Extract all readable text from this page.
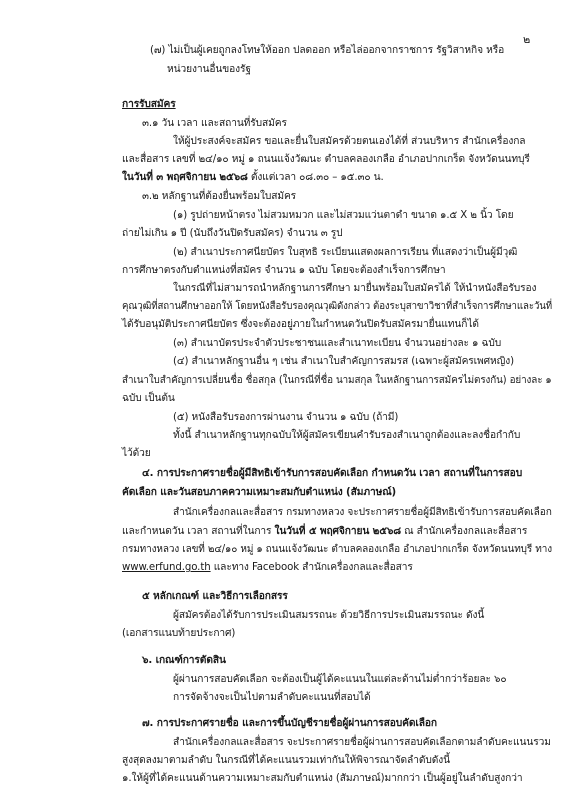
๒
(๗) ไม่เป็นผู้เคยถูกลงโทษให้ออก ปลดออก หรือไล่ออกจากราชการ รัฐวิสาหกิจ หรือ
หน่วยงานอื่นของรัฐ
การรับสมัคร
๓.๑ วัน เวลา และสถานที่รับสมัคร
ให้ผู้ประสงค์จะสมัคร ขอและยื่นใบสมัครด้วยตนเองได้ที่ ส่วนบริหาร สำนักเครื่องกล
และสื่อสาร เลขที่ ๒๔/๑๐ หมู่ ๑ ถนนแจ้งวัฒนะ ตำบลคลองเกลือ อำเภอปากเกร็ด จังหวัดนนทบุรี
ในวันที่ ๓ พฤศจิกายน ๒๕๖๘ ตั้งแต่เวลา ๐๘.๓๐ – ๑๕.๓๐ น.
๓.๒ หลักฐานที่ต้องยื่นพร้อมใบสมัคร
(๑) รูปถ่ายหน้าตรง ไม่สวมหมวก และไม่สวมแว่นตาดำ ขนาด ๑.๕ X ๒ นิ้ว โดย
ถ่ายไม่เกิน ๑ ปี (นับถึงวันปิดรับสมัคร) จำนวน ๓ รูป
(๒) สำเนาประกาศนียบัตร ใบสุทธิ ระเบียนแสดงผลการเรียน ที่แสดงว่าเป็นผู้มีวุฒิ
การศึกษาตรงกับตำแหน่งที่สมัคร จำนวน ๑ ฉบับ โดยจะต้องสำเร็จการศึกษา
ในกรณีที่ไม่สามารถนำหลักฐานการศึกษา มายื่นพร้อมใบสมัครได้ ให้นำหนังสือรับรอง
คุณวุฒิที่สถานศึกษาออกให้ โดยหนังสือรับรองคุณวุฒิดังกล่าว ต้องระบุสาขาวิชาที่สำเร็จการศึกษาและวันที่
ได้รับอนุมัติประกาศนียบัตร ซึ่งจะต้องอยู่ภายในกำหนดวันปิดรับสมัครมายื่นแทนก็ได้
(๓) สำเนาบัตรประจำตัวประชาชนและสำเนาทะเบียน จำนวนอย่างละ ๑ ฉบับ
(๔) สำเนาหลักฐานอื่น ๆ เช่น สำเนาใบสำคัญการสมรส (เฉพาะผู้สมัครเพศหญิง)
สำเนาใบสำคัญการเปลี่ยนชื่อ ชื่อสกุล (ในกรณีที่ชื่อ นามสกุล ในหลักฐานการสมัครไม่ตรงกัน) อย่างละ ๑
ฉบับ เป็นต้น
(๕) หนังสือรับรองการผ่านงาน จำนวน ๑ ฉบับ (ถ้ามี)
ทั้งนี้ สำเนาหลักฐานทุกฉบับให้ผู้สมัครเขียนคำรับรองสำเนาถูกต้องและลงชื่อกำกับ
ไว้ด้วย
๔. การประกาศรายชื่อผู้มีสิทธิเข้ารับการสอบคัดเลือก กำหนดวัน เวลา สถานที่ในการสอบ
คัดเลือก และวันสอบภาคความเหมาะสมกับตำแหน่ง (สัมภาษณ์)
สำนักเครื่องกลและสื่อสาร กรมทางหลวง จะประกาศรายชื่อผู้มีสิทธิเข้ารับการสอบคัดเลือก
และกำหนดวัน เวลา สถานที่ในการ ในวันที่ ๕ พฤศจิกายน ๒๕๖๘ ณ สำนักเครื่องกลและสื่อสาร
กรมทางหลวง เลขที่ ๒๔/๑๐ หมู่ ๑ ถนนแจ้งวัฒนะ ตำบลคลองเกลือ อำเภอปากเกร็ด จังหวัดนนทบุรี ทาง
www.erfund.go.th และทาง Facebook สำนักเครื่องกลและสื่อสาร
๕ หลักเกณฑ์ และวิธีการเลือกสรร
ผู้สมัครต้องได้รับการประเมินสมรรถนะ ด้วยวิธีการประเมินสมรรถนะ ดังนี้
(เอกสารแนบท้ายประกาศ)
๖. เกณฑ์การตัดสิน
ผู้ผ่านการสอบคัดเลือก จะต้องเป็นผู้ได้คะแนนในแต่ละด้านไม่ต่ำกว่าร้อยละ ๖๐
การจัดจ้างจะเป็นไปตามลำดับคะแนนที่สอบได้
๗. การประกาศรายชื่อ และการขึ้นบัญชีรายชื่อผู้ผ่านการสอบคัดเลือก
สำนักเครื่องกลและสื่อสาร จะประกาศรายชื่อผู้ผ่านการสอบคัดเลือกตามลำดับคะแนนรวม
สูงสุดลงมาตามลำดับ ในกรณีที่ได้คะแนนรวมเท่ากันให้พิจารณาจัดลำดับดังนี้
๑.ให้ผู้ที่ได้คะแนนด้านความเหมาะสมกับตำแหน่ง (สัมภาษณ์)มากกว่า เป็นผู้อยู่ในลำดับสูงกว่า
